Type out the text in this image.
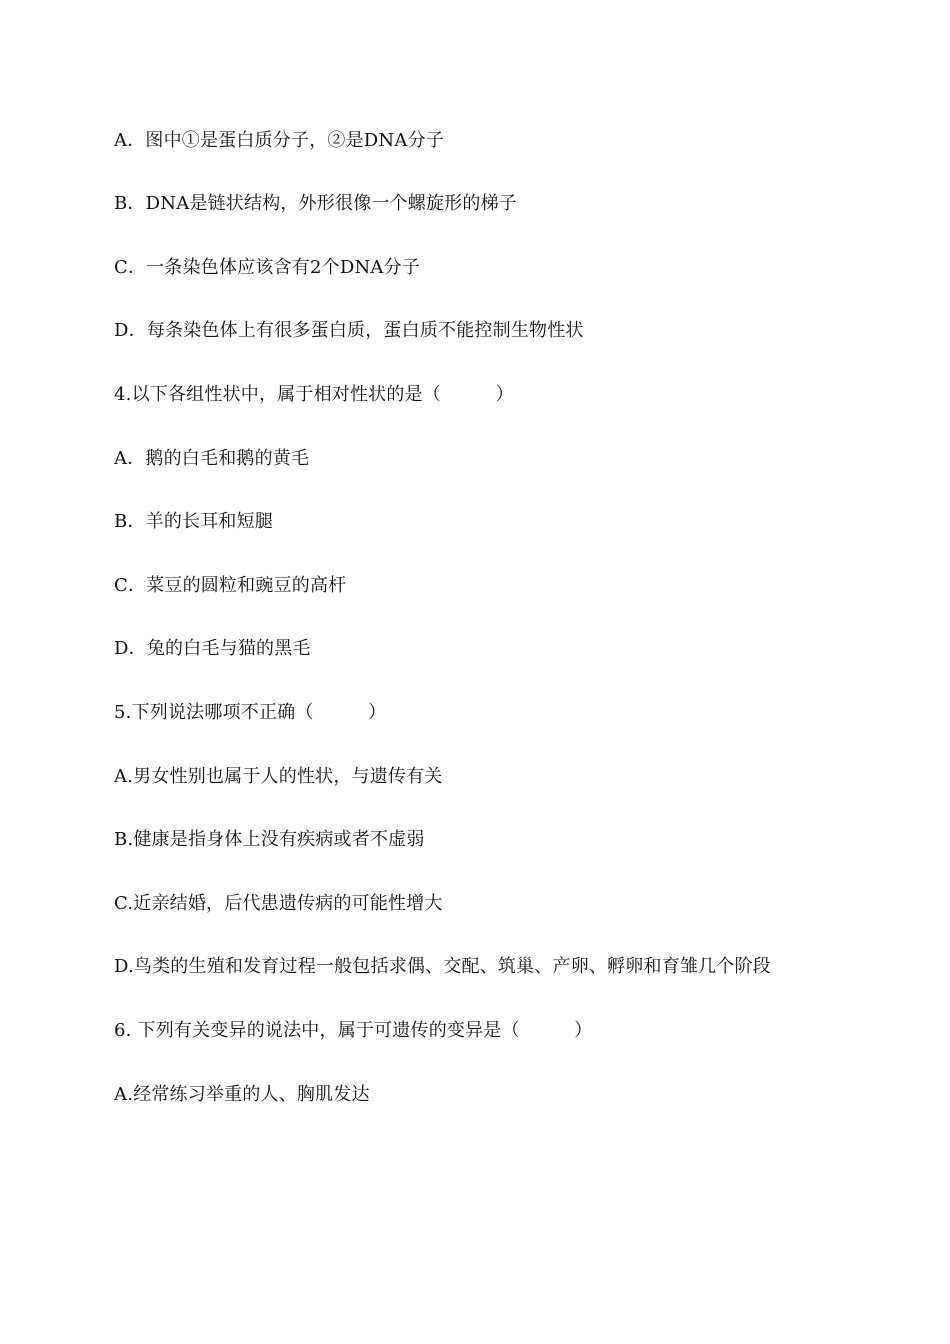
A．图中①是蛋白质分子，②是DNA分子
B．DNA是链状结构，外形很像一个螺旋形的梯子
C．一条染色体应该含有2个DNA分子
D．每条染色体上有很多蛋白质，蛋白质不能控制生物性状
4.以下各组性状中，属于相对性状的是（　　　）
A．鹅的白毛和鹅的黄毛
B．羊的长耳和短腿
C．菜豆的圆粒和豌豆的高杆
D．兔的白毛与猫的黑毛
5.下列说法哪项不正确（　　　）
A.男女性别也属于人的性状，与遗传有关
B.健康是指身体上没有疾病或者不虚弱
C.近亲结婚，后代患遗传病的可能性增大
D.鸟类的生殖和发育过程一般包括求偶、交配、筑巢、产卵、孵卵和育雏几个阶段
6. 下列有关变异的说法中，属于可遗传的变异是（　　　）
A.经常练习举重的人、胸肌发达
